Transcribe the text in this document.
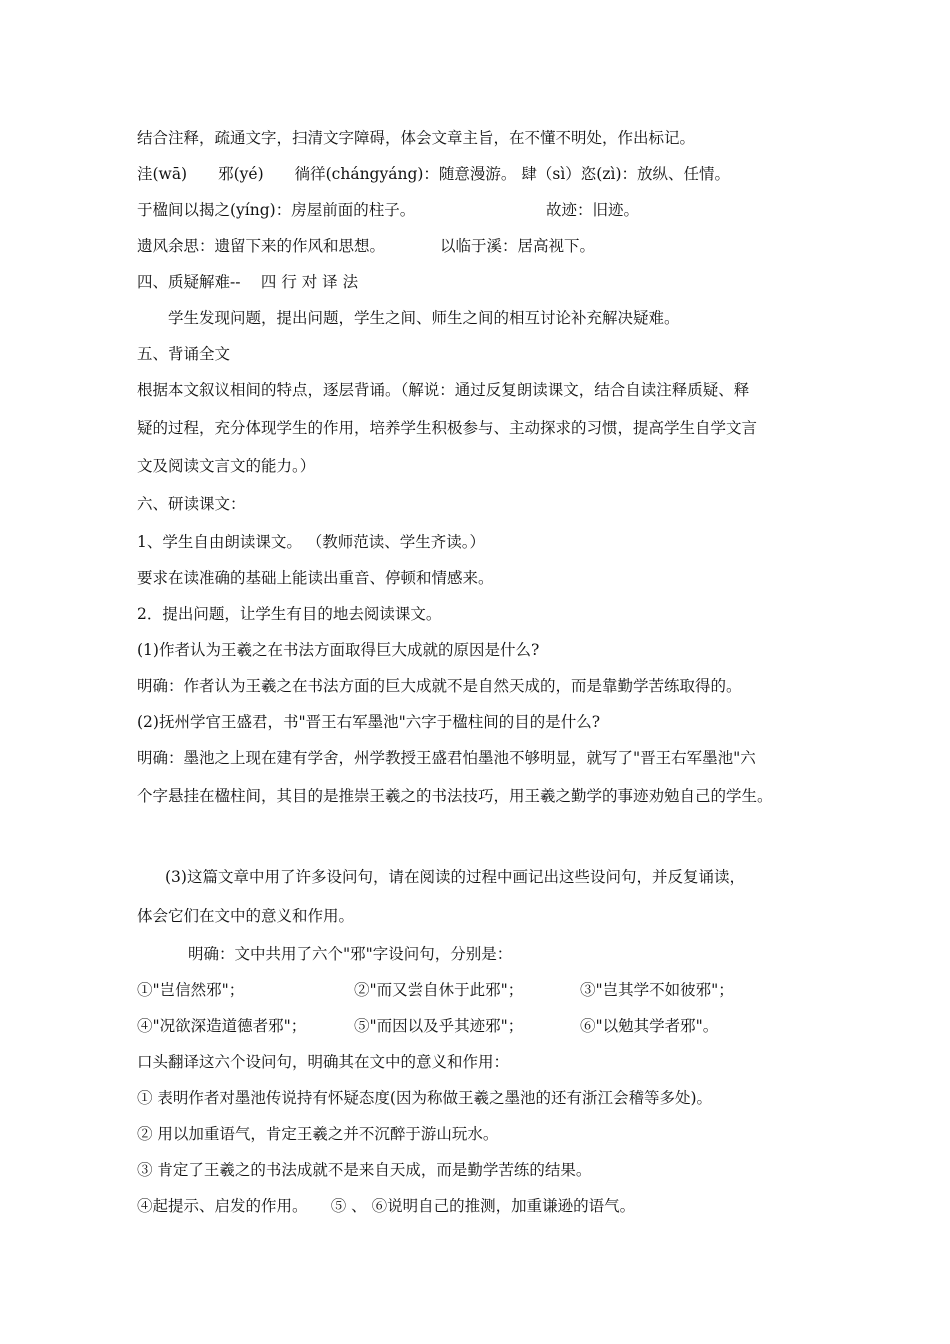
结合注释，疏通文字，扫清文字障碍，体会文章主旨，在不懂不明处，作出标记。
洼(wā)　　邪(yé)　　徜徉(chángyáng)：随意漫游。 肆（sì）恣(zì)：放纵、任情。
于楹间以揭之(yíng)：房屋前面的柱子。	故迹：旧迹。
遗风余思：遗留下来的作风和思想。	以临于溪：居高视下。
四、质疑解难--　 四 行 对 译 法
学生发现问题，提出问题，学生之间、师生之间的相互讨论补充解决疑难。
五、背诵全文
根据本文叙议相间的特点，逐层背诵。（解说：通过反复朗读课文，结合自读注释质疑、释
疑的过程，充分体现学生的作用，培养学生积极参与、主动探求的习惯，提高学生自学文言
文及阅读文言文的能力。）
六、研读课文：
1、学生自由朗读课文。 （教师范读、学生齐读。）
要求在读准确的基础上能读出重音、停顿和情感来。
2．提出问题，让学生有目的地去阅读课文。
(1)作者认为王羲之在书法方面取得巨大成就的原因是什么?
明确：作者认为王羲之在书法方面的巨大成就不是自然天成的，而是靠勤学苦练取得的。
(2)抚州学官王盛君，书"晋王右军墨池"六字于楹柱间的目的是什么?
明确：墨池之上现在建有学舍，州学教授王盛君怕墨池不够明显，就写了"晋王右军墨池"六
个字悬挂在楹柱间，其目的是推崇王羲之的书法技巧，用王羲之勤学的事迹劝勉自己的学生。
(3)这篇文章中用了许多设问句，请在阅读的过程中画记出这些设问句，并反复诵读，
体会它们在文中的意义和作用。
明确：文中共用了六个"邪"字设问句，分别是：
①"岂信然邪"；	②"而又尝自休于此邪"；	③"岂其学不如彼邪"；
④"况欲深造道德者邪"；	⑤"而因以及乎其迹邪"；	⑥"以勉其学者邪"。
口头翻译这六个设问句，明确其在文中的意义和作用：
① 表明作者对墨池传说持有怀疑态度(因为称做王羲之墨池的还有浙江会稽等多处)。
② 用以加重语气，肯定王羲之并不沉醉于游山玩水。
③ 肯定了王羲之的书法成就不是来自天成，而是勤学苦练的结果。
④起提示、启发的作用。　　⑤ 、 ⑥说明自己的推测，加重谦逊的语气。
